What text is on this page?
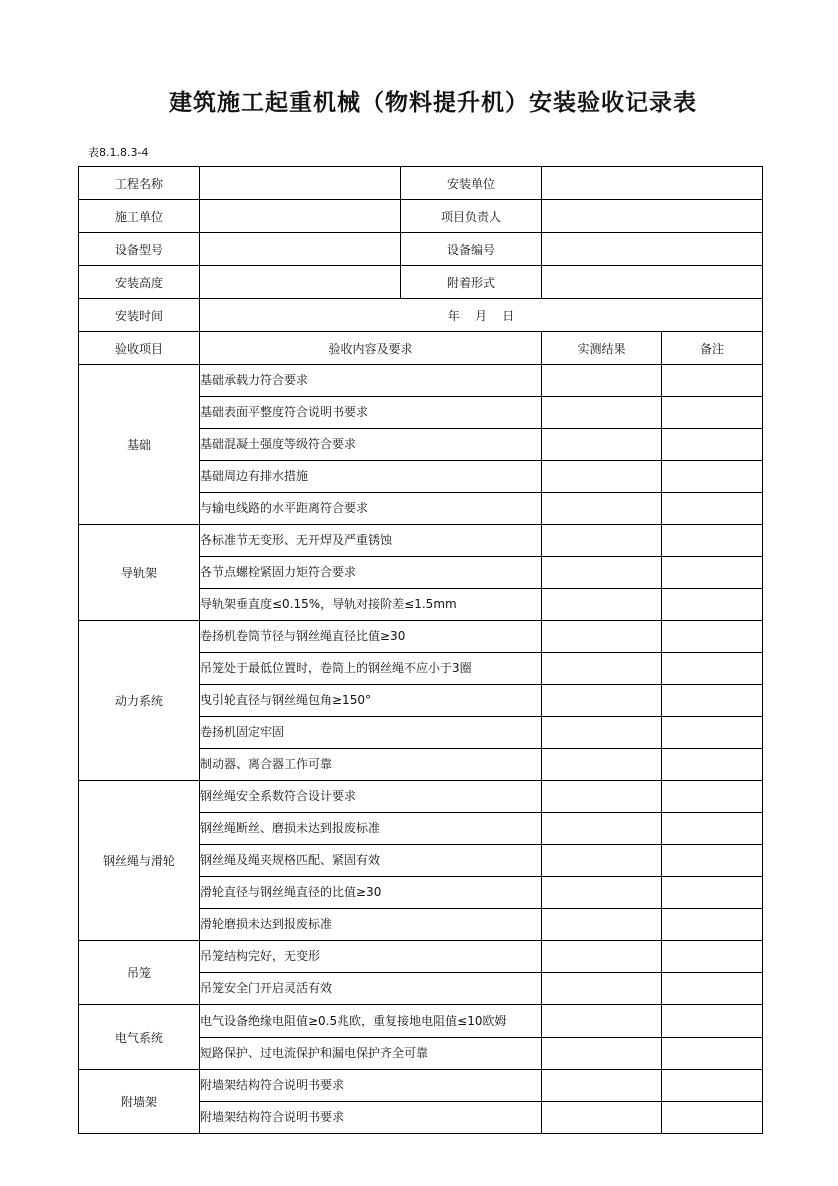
建筑施工起重机械（物料提升机）安装验收记录表
表8.1.8.3-4
工程名称		安装单位		
施工单位		项目负责人		
设备型号		设备编号		
安装高度		附着形式		
安装时间	年    月    日			
验收项目	验收内容及要求		实测结果	备注
基础	基础承载力符合要求			
	基础表面平整度符合说明书要求			
	基础混凝土强度等级符合要求			
	基础周边有排水措施			
	与输电线路的水平距离符合要求			
导轨架	各标准节无变形、无开焊及严重锈蚀			
	各节点螺栓紧固力矩符合要求			
	导轨架垂直度≤0.15%，导轨对接阶差≤1.5mm			
动力系统	卷扬机卷筒节径与钢丝绳直径比值≥30			
	吊笼处于最低位置时，卷筒上的钢丝绳不应小于3圈			
	曳引轮直径与钢丝绳包角≥150°			
	卷扬机固定牢固			
	制动器、离合器工作可靠			
钢丝绳与滑轮	钢丝绳安全系数符合设计要求			
	钢丝绳断丝、磨损未达到报废标准			
	钢丝绳及绳夹规格匹配、紧固有效			
	滑轮直径与钢丝绳直径的比值≥30			
	滑轮磨损未达到报废标准			
吊笼	吊笼结构完好，无变形			
	吊笼安全门开启灵活有效			
电气系统	电气设备绝缘电阻值≥0.5兆欧，重复接地电阻值≤10欧姆			
	短路保护、过电流保护和漏电保护齐全可靠			
附墙架	附墙架结构符合说明书要求			
	附墙架结构符合说明书要求			
